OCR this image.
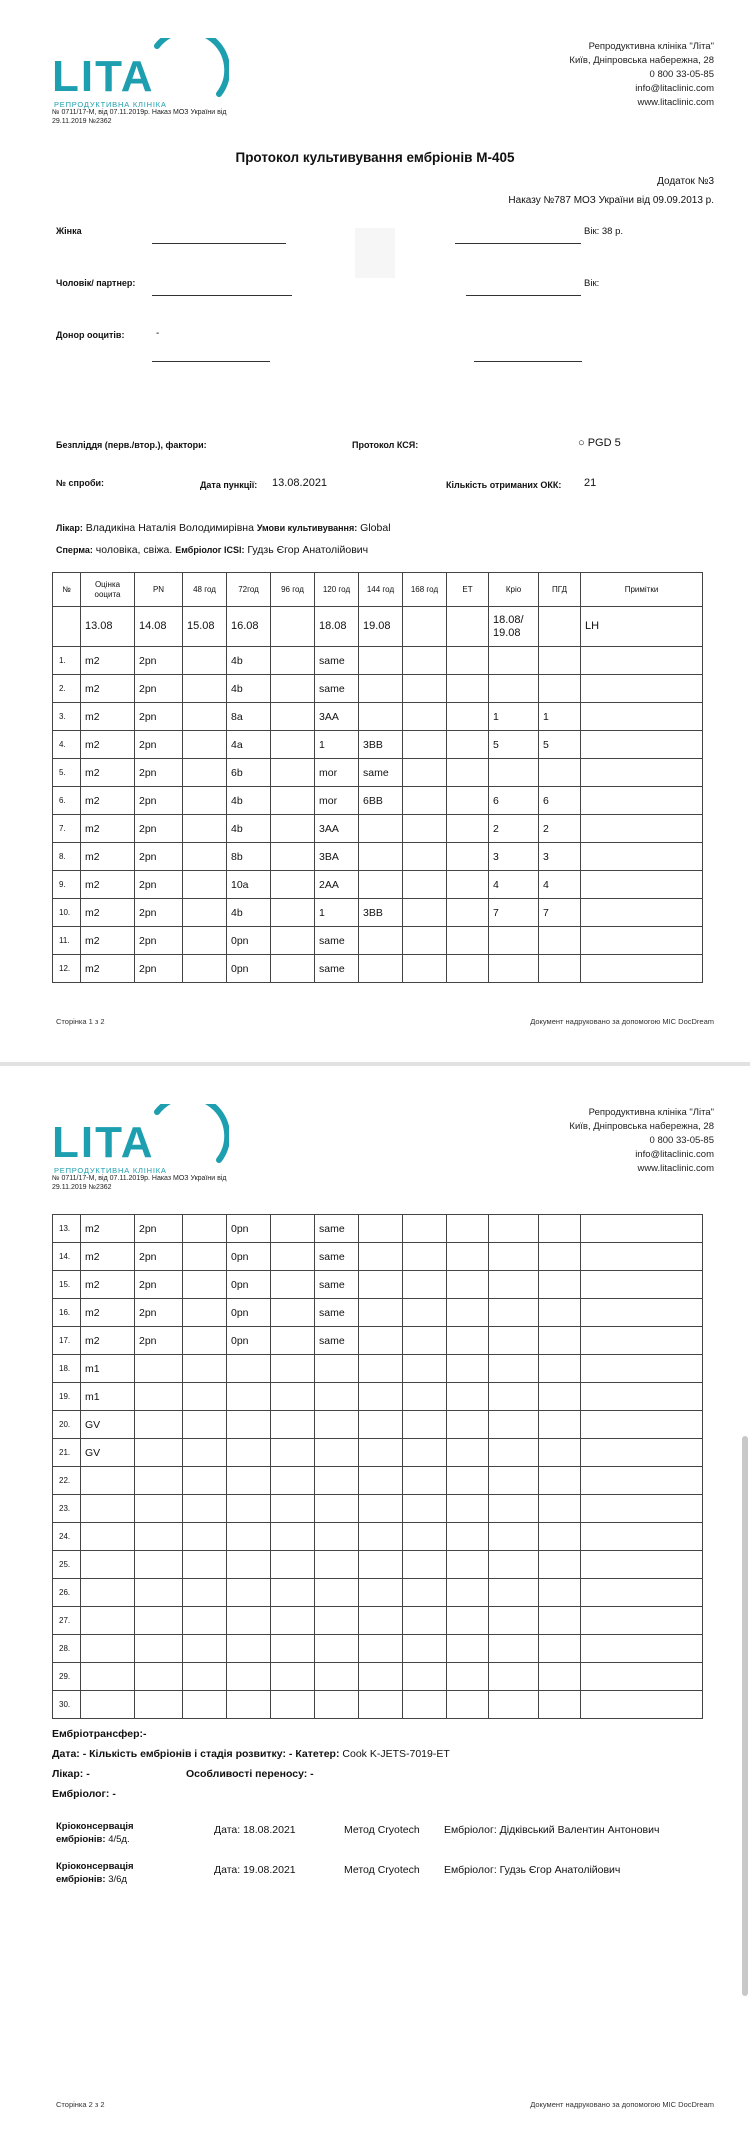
LITA
РЕПРОДУКТИВНА КЛІНІКА
№ 0711/17-М, від 07.11.2019р. Наказ МОЗ України від
29.11.2019 №2362
Репродуктивна клініка "Літа"
Київ, Дніпровська набережна, 28
0 800 33-05-85
info@litaclinic.com
www.litaclinic.com
Протокол культивування ембріонів М-405
Додаток №3
Наказу №787 МОЗ України від 09.09.2013 р.
Жінка	Вік: 38 р.
Чоловік/ партнер:	Вік:
Донор ооцитів:	-
Безпліддя (перв./втор.), фактори:	Протокол КСЯ:	○ PGD 5
№ спроби:	Дата пункції: 13.08.2021	Кількість отриманих ОКК: 21
Лікар: Владикіна Наталія Володимирівна Умови культивування: Global
Сперма: чоловіка, свіжа. Ембріолог ICSI: Гудзь Єгор Анатолійович
№	Оцінка ооцита	PN	48 год	72год	96 год	120 год	144 год	168 год	ЕТ	Кріо	ПГД	Примітки
	13.08	14.08	15.08	16.08		18.08	19.08			18.08/ 19.08		LH
1.	m2	2pn		4b		same						
2.	m2	2pn		4b		same						
3.	m2	2pn		8a		3AA				1	1	
4.	m2	2pn		4a		1	3BB			5	5	
5.	m2	2pn		6b		mor	same					
6.	m2	2pn		4b		mor	6BB			6	6	
7.	m2	2pn		4b		3AA				2	2	
8.	m2	2pn		8b		3BA				3	3	
9.	m2	2pn		10a		2AA				4	4	
10.	m2	2pn		4b		1	3BB			7	7	
11.	m2	2pn		0pn		same						
12.	m2	2pn		0pn		same						
Сторінка 1 з 2	Документ надруковано за допомогою МІС DocDream
LITA
РЕПРОДУКТИВНА КЛІНІКА
№ 0711/17-М, від 07.11.2019р. Наказ МОЗ України від
29.11.2019 №2362
Репродуктивна клініка "Літа"
Київ, Дніпровська набережна, 28
0 800 33-05-85
info@litaclinic.com
www.litaclinic.com
13.	m2	2pn		0pn		same						
14.	m2	2pn		0pn		same						
15.	m2	2pn		0pn		same						
16.	m2	2pn		0pn		same						
17.	m2	2pn		0pn		same						
18.	m1											
19.	m1											
20.	GV											
21.	GV											
22.												
23.												
24.												
25.												
26.												
27.												
28.												
29.												
30.												
Ембріотрансфер:-
Дата: - Кількість ембріонів і стадія розвитку: - Катетер: Cook K-JETS-7019-ET
Лікар: -	Особливості переносу: -
Ембріолог: -
Кріоконсервація
ембріонів: 4/5д.
Дата: 18.08.2021	Метод Cryotech Ембріолог: Дідківський Валентин Антонович
Кріоконсервація
ембріонів: 3/6д
Дата: 19.08.2021	Метод Cryotech Ембріолог: Гудзь Єгор Анатолійович
Сторінка 2 з 2	Документ надруковано за допомогою МІС DocDream
